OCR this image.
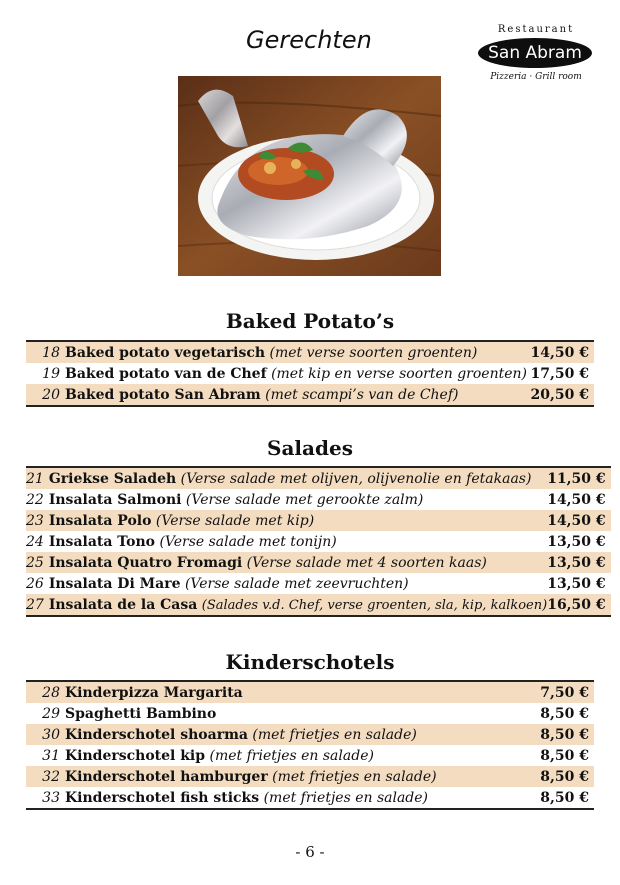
Gerechten	Restaurant
San Abram
Pizzeria · Grill room
Baked Potato’s
18	Baked potato vegetarisch (met verse soorten groenten)	14,50 €
19	Baked potato van de Chef (met kip en verse soorten groenten)	17,50 €
20	Baked potato San Abram (met scampi’s van de Chef)	20,50 €
Salades
21	Griekse Saladeh (Verse salade met olijven, olijvenolie en fetakaas)	11,50 €
22	Insalata Salmoni (Verse salade met gerookte zalm)	14,50 €
23	Insalata Polo (Verse salade met kip)	14,50 €
24	Insalata Tono (Verse salade met tonijn)	13,50 €
25	Insalata Quatro Fromagi (Verse salade met 4 soorten kaas)	13,50 €
26	Insalata Di Mare (Verse salade met zeevruchten)	13,50 €
27	Insalata de la Casa (Salades v.d. Chef, verse groenten, sla, kip, kalkoen)	16,50 €
Kinderschotels
28	Kinderpizza Margarita	7,50 €
29	Spaghetti Bambino	8,50 €
30	Kinderschotel shoarma (met frietjes en salade)	8,50 €
31	Kinderschotel kip (met frietjes en salade)	8,50 €
32	Kinderschotel hamburger (met frietjes en salade)	8,50 €
33	Kinderschotel fish sticks (met frietjes en salade)	8,50 €
- 6 -
